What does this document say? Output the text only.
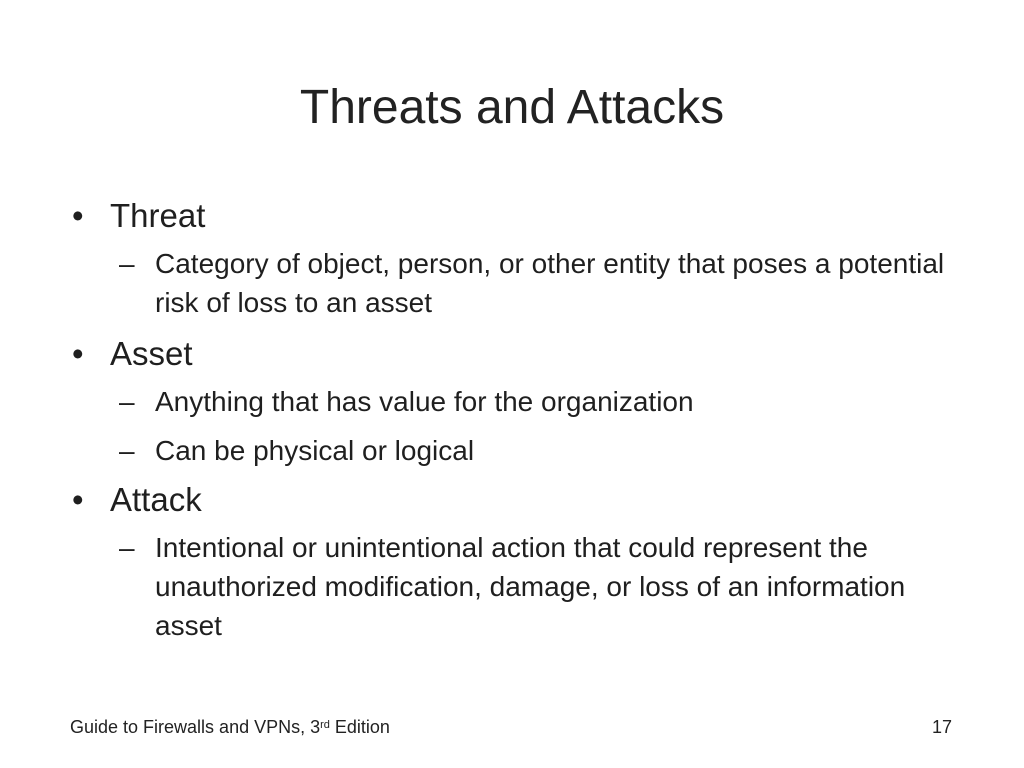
Threats and Attacks
• Threat
– Category of object, person, or other entity that poses a potential risk of loss to an asset
• Asset
– Anything that has value for the organization
– Can be physical or logical
• Attack
– Intentional or unintentional action that could represent the unauthorized modification, damage, or loss of an information asset
Guide to Firewalls and VPNs, 3rd Edition	17
